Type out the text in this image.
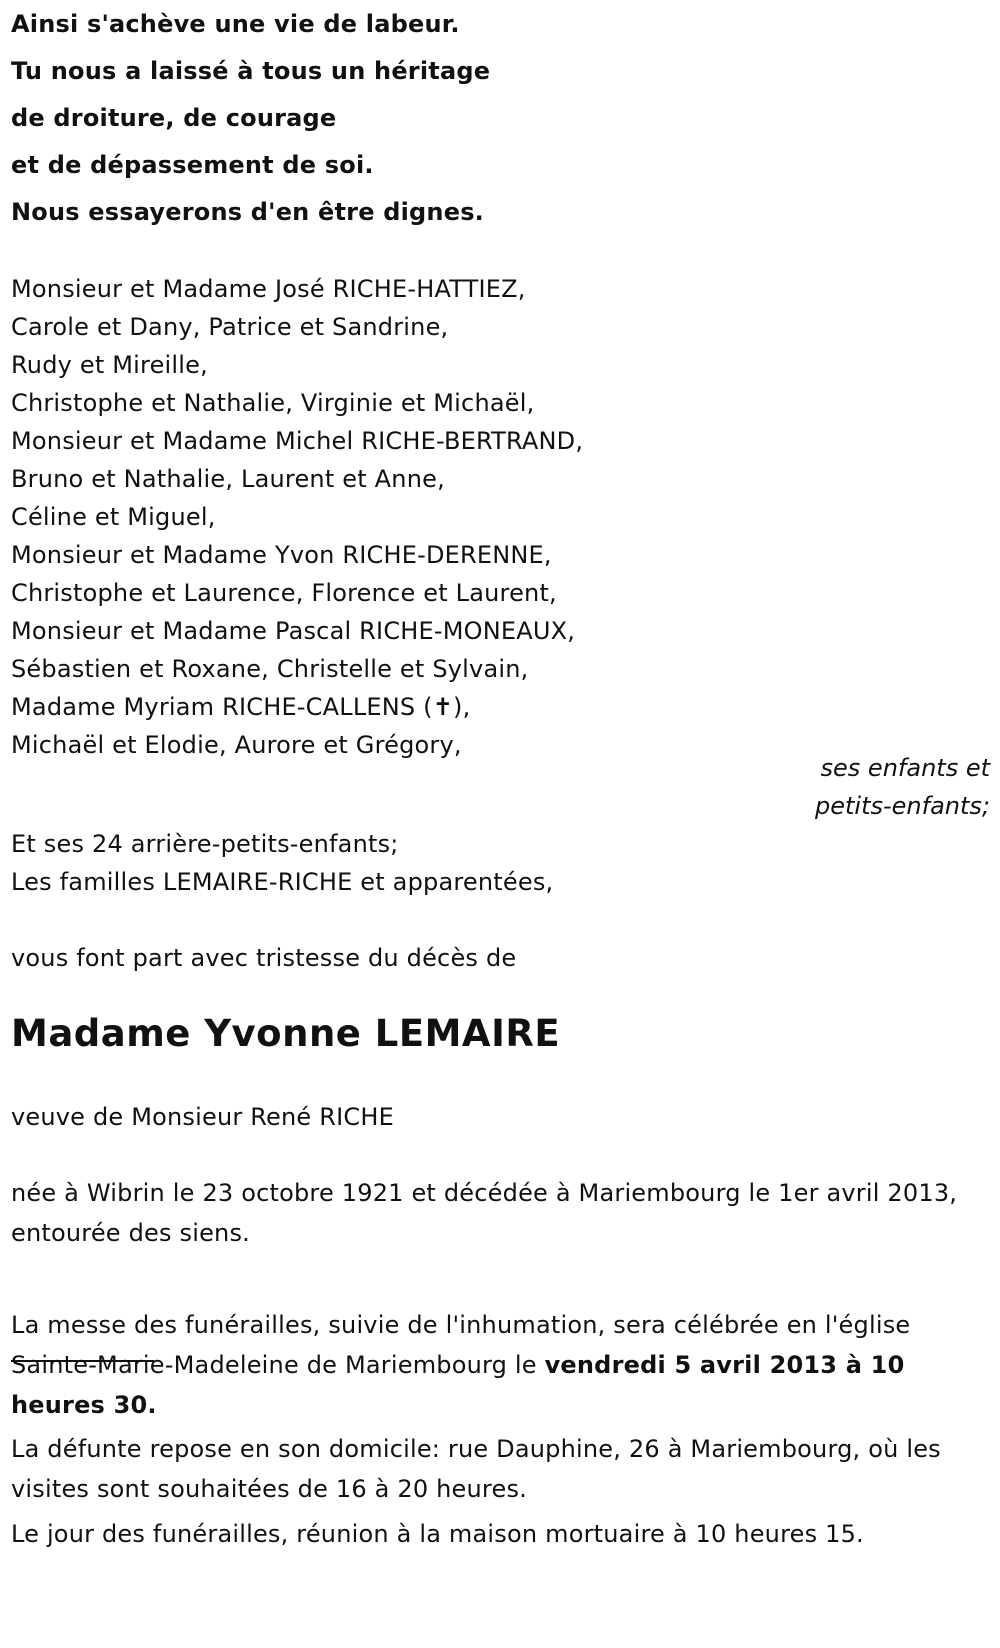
Ainsi s'achève une vie de labeur.
Tu nous a laissé à tous un héritage
de droiture, de courage
et de dépassement de soi.
Nous essayerons d'en être dignes.
Monsieur et Madame José RICHE-HATTIEZ,
Carole et Dany, Patrice et Sandrine,
Rudy et Mireille,
Christophe et Nathalie, Virginie et Michaël,
Monsieur et Madame Michel RICHE-BERTRAND,
Bruno et Nathalie, Laurent et Anne,
Céline et Miguel,
Monsieur et Madame Yvon RICHE-DERENNE,
Christophe et Laurence, Florence et Laurent,
Monsieur et Madame Pascal RICHE-MONEAUX,
Sébastien et Roxane, Christelle et Sylvain,
Madame Myriam RICHE-CALLENS (✝),
Michaël et Elodie, Aurore et Grégory,
ses enfants et
petits-enfants;
Et ses 24 arrière-petits-enfants;
Les familles LEMAIRE-RICHE et apparentées,
vous font part avec tristesse du décès de
Madame Yvonne LEMAIRE
veuve de Monsieur René RICHE
née à Wibrin le 23 octobre 1921 et décédée à Mariembourg le 1er avril 2013, entourée des siens.
La messe des funérailles, suivie de l'inhumation, sera célébrée en l'église Sainte-Marie-Madeleine de Mariembourg le vendredi 5 avril 2013 à 10 heures 30.
La défunte repose en son domicile: rue Dauphine, 26 à Mariembourg, où les visites sont souhaitées de 16 à 20 heures.
Le jour des funérailles, réunion à la maison mortuaire à 10 heures 15.
